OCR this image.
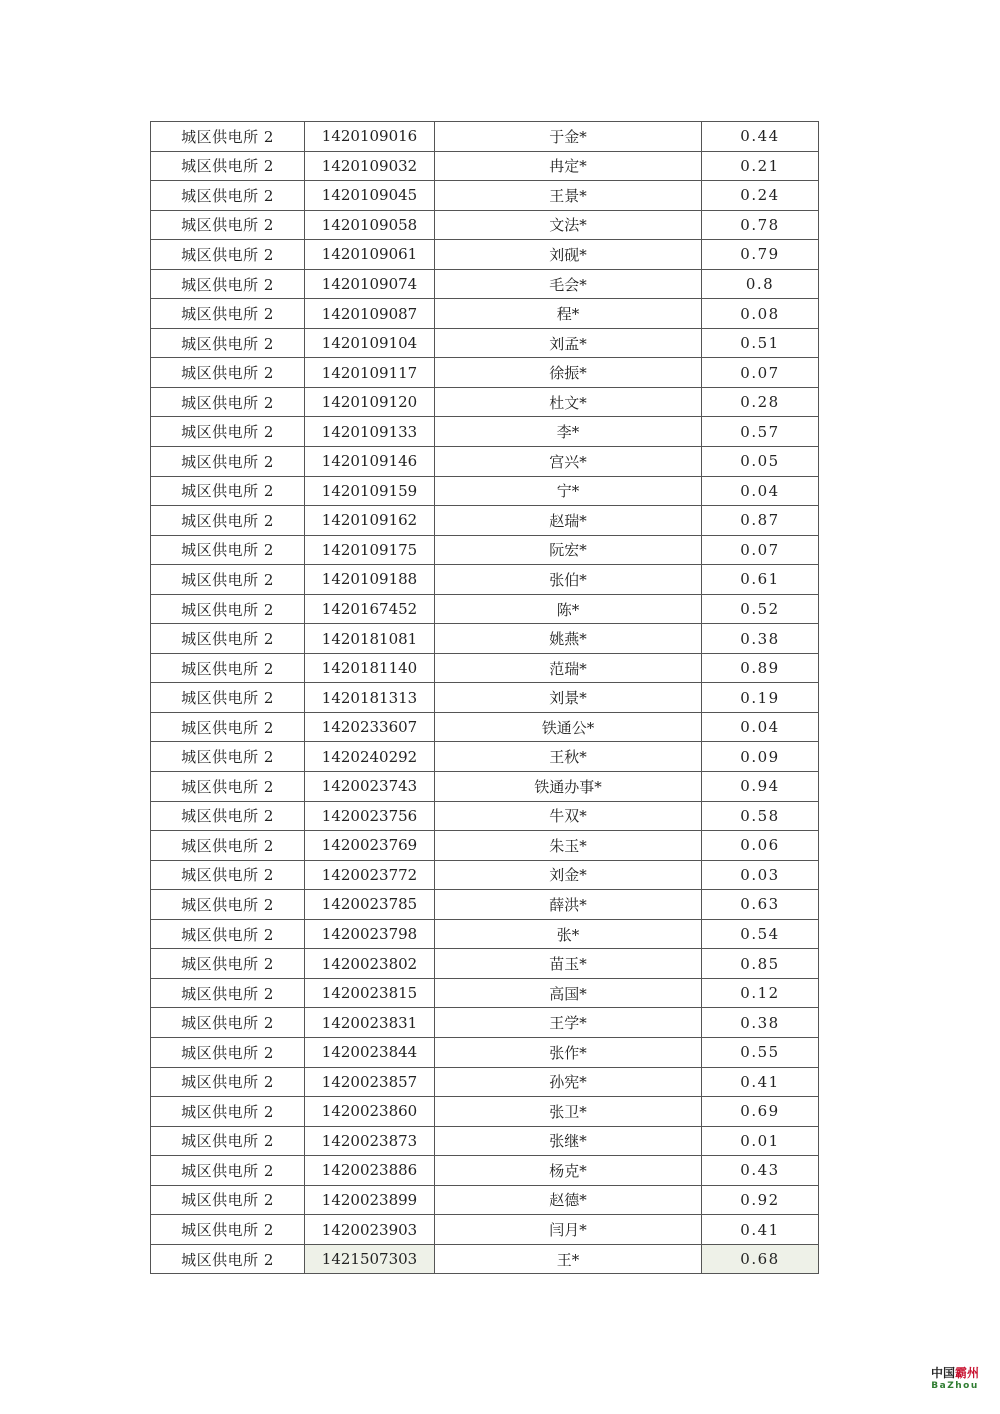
城区供电所 2	1420109016	于金*	0.44
城区供电所 2	1420109032	冉定*	0.21
城区供电所 2	1420109045	王景*	0.24
城区供电所 2	1420109058	文法*	0.78
城区供电所 2	1420109061	刘砚*	0.79
城区供电所 2	1420109074	毛会*	0.8
城区供电所 2	1420109087	程*	0.08
城区供电所 2	1420109104	刘孟*	0.51
城区供电所 2	1420109117	徐振*	0.07
城区供电所 2	1420109120	杜文*	0.28
城区供电所 2	1420109133	李*	0.57
城区供电所 2	1420109146	宫兴*	0.05
城区供电所 2	1420109159	宁*	0.04
城区供电所 2	1420109162	赵瑞*	0.87
城区供电所 2	1420109175	阮宏*	0.07
城区供电所 2	1420109188	张伯*	0.61
城区供电所 2	1420167452	陈*	0.52
城区供电所 2	1420181081	姚燕*	0.38
城区供电所 2	1420181140	范瑞*	0.89
城区供电所 2	1420181313	刘景*	0.19
城区供电所 2	1420233607	铁通公*	0.04
城区供电所 2	1420240292	王秋*	0.09
城区供电所 2	1420023743	铁通办事*	0.94
城区供电所 2	1420023756	牛双*	0.58
城区供电所 2	1420023769	朱玉*	0.06
城区供电所 2	1420023772	刘金*	0.03
城区供电所 2	1420023785	薛洪*	0.63
城区供电所 2	1420023798	张*	0.54
城区供电所 2	1420023802	苗玉*	0.85
城区供电所 2	1420023815	高国*	0.12
城区供电所 2	1420023831	王学*	0.38
城区供电所 2	1420023844	张作*	0.55
城区供电所 2	1420023857	孙宪*	0.41
城区供电所 2	1420023860	张卫*	0.69
城区供电所 2	1420023873	张继*	0.01
城区供电所 2	1420023886	杨克*	0.43
城区供电所 2	1420023899	赵德*	0.92
城区供电所 2	1420023903	闫月*	0.41
城区供电所 2	1421507303	王*	0.68
中国霸州
BaZhou
